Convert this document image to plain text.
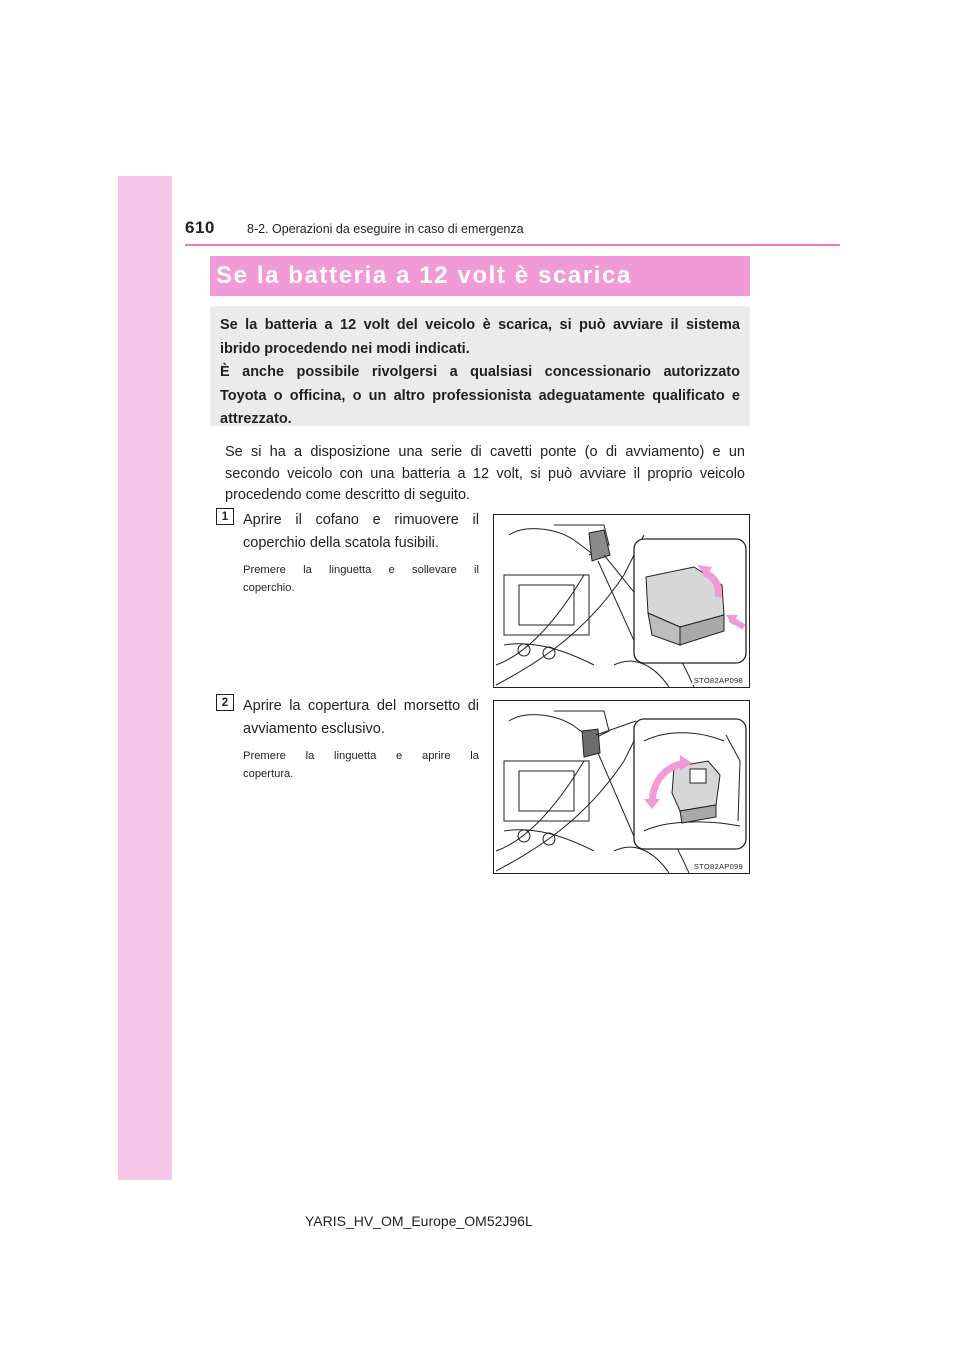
610	8-2. Operazioni da eseguire in caso di emergenza
Se la batteria a 12 volt è scarica
Se la batteria a 12 volt del veicolo è scarica, si può avviare il sistema
ibrido procedendo nei modi indicati.
È anche possibile rivolgersi a qualsiasi concessionario autorizzato
Toyota o officina, o un altro professionista adeguatamente qualificato e
attrezzato.
Se si ha a disposizione una serie di cavetti ponte (o di avviamento) e un
secondo veicolo con una batteria a 12 volt, si può avviare il proprio veicolo
procedendo come descritto di seguito.
1	Aprire il cofano e rimuovere il
coperchio della scatola fusibili.
Premere la linguetta e sollevare il
coperchio.
STO82AP098
2	Aprire la copertura del morsetto di
avviamento esclusivo.
Premere la linguetta e aprire la
copertura.
STO82AP099
YARIS_HV_OM_Europe_OM52J96L
